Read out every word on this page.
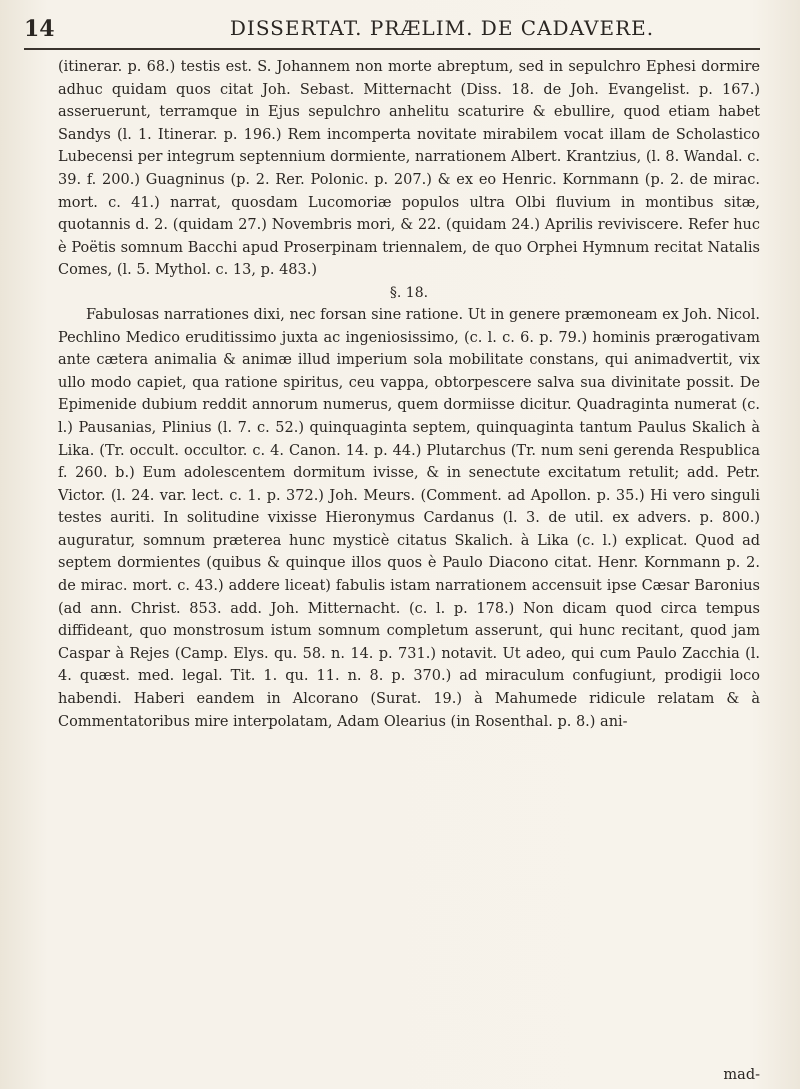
14	DISSERTAT. PRÆLIM. DE CADAVERE.

(itinerar. p. 68.) testis est. S. Johannem non morte abreptum, sed in sepulchro Ephesi dormire adhuc quidam quos citat Joh. Sebast. Mitternacht (Diss. 18. de Joh. Evangelist. p. 167.) asseruerunt, terramque in Ejus sepulchro anhelitu scaturire & ebullire, quod etiam habet Sandys (l. 1. Itinerar. p. 196.) Rem incomperta novitate mirabilem vocat illam de Scholastico Lubecensi per integrum septennium dormiente, narrationem Albert. Krantzius, (l. 8. Wandal. c. 39. f. 200.) Guagninus (p. 2. Rer. Polonic. p. 207.) & ex eo Henric. Kornmann (p. 2. de mirac. mort. c. 41.) narrat, quosdam Lucomoriæ populos ultra Olbi fluvium in montibus sitæ, quotannis d. 2. (quidam 27.) Novembris mori, & 22. (quidam 24.) Aprilis reviviscere. Refer huc è Poëtis somnum Bacchi apud Proserpinam triennalem, de quo Orphei Hymnum recitat Natalis Comes, (l. 5. Mythol. c. 13, p. 483.)

§. 18.

Fabulosas narrationes dixi, nec forsan sine ratione. Ut in genere præmoneam ex Joh. Nicol. Pechlino Medico eruditissimo juxta ac ingeniosissimo, (c. l. c. 6. p. 79.) hominis prærogativam ante cætera animalia & animæ illud imperium sola mobilitate constans, qui animadvertit, vix ullo modo capiet, qua ratione spiritus, ceu vappa, obtorpescere salva sua divinitate possit. De Epimenide dubium reddit annorum numerus, quem dormiisse dicitur. Quadraginta numerat (c. l.) Pausanias, Plinius (l. 7. c. 52.) quinquaginta septem, quinquaginta tantum Paulus Skalich à Lika. (Tr. occult. occultor. c. 4. Canon. 14. p. 44.) Plutarchus (Tr. num seni gerenda Respublica f. 260. b.) Eum adolescentem dormitum ivisse, & in senectute excitatum retulit; add. Petr. Victor. (l. 24. var. lect. c. 1. p. 372.) Joh. Meurs. (Comment. ad Apollon. p. 35.) Hi vero singuli testes auriti. In solitudine vixisse Hieronymus Cardanus (l. 3. de util. ex advers. p. 800.) auguratur, somnum præterea hunc mysticè citatus Skalich. à Lika (c. l.) explicat. Quod ad septem dormientes (quibus & quinque illos quos è Paulo Diacono citat. Henr. Kornmann p. 2. de mirac. mort. c. 43.) addere liceat) fabulis istam narrationem accensuit ipse Cæsar Baronius (ad ann. Christ. 853. add. Joh. Mitternacht. (c. l. p. 178.) Non dicam quod circa tempus diffideant, quo monstrosum istum somnum completum asserunt, qui hunc recitant, quod jam Caspar à Rejes (Camp. Elys. qu. 58. n. 14. p. 731.) notavit. Ut adeo, qui cum Paulo Zacchia (l. 4. quæst. med. legal. Tit. 1. qu. 11. n. 8. p. 370.) ad miraculum confugiunt, prodigii loco habendi. Haberi eandem in Alcorano (Surat. 19.) à Mahumede ridicule relatam & à Commentatoribus mire interpolatam, Adam Olearius (in Rosenthal. p. 8.) ani-

mad-
